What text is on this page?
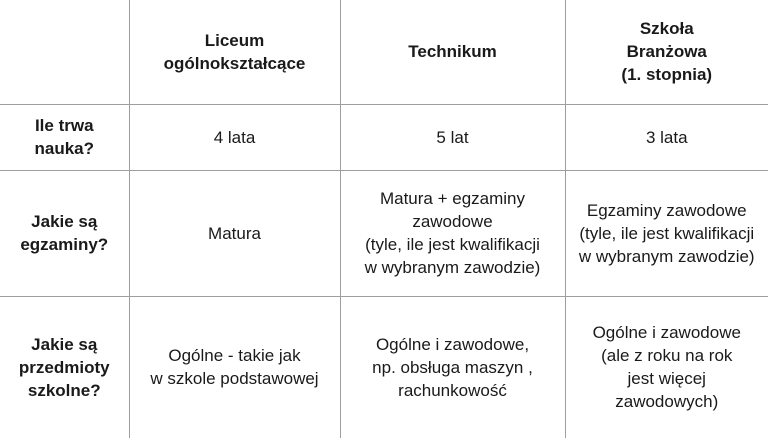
	Liceum
ogólnokształcące	Technikum	Szkoła
Branżowa
(1. stopnia)

Ile trwa
nauka?	4 lata	5 lat	3 lata

Jakie są
egzaminy?	Matura	Matura + egzaminy
zawodowe
(tyle, ile jest kwalifikacji
w wybranym zawodzie)	Egzaminy zawodowe
(tyle, ile jest kwalifikacji
w wybranym zawodzie)

Jakie są
przedmioty
szkolne?	Ogólne - takie jak
w szkole podstawowej	Ogólne i zawodowe,
np. obsługa maszyn ,
rachunkowość	Ogólne i zawodowe
(ale z roku na rok
jest więcej
zawodowych)
